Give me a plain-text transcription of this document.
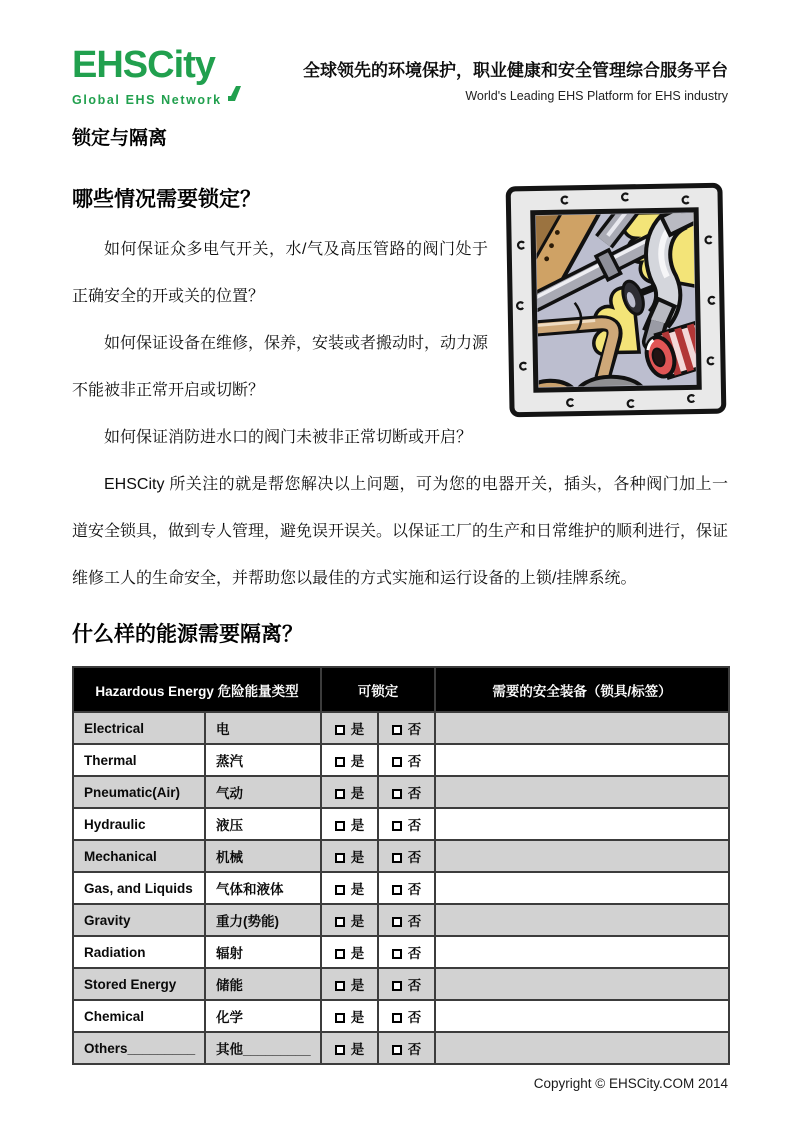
EHSCity
Global EHS Network
全球领先的环境保护，职业健康和安全管理综合服务平台
World's Leading EHS Platform for EHS industry
锁定与隔离
哪些情况需要锁定？

如何保证众多电气开关，水/气及高压管路的阀门处于正确安全的开或关的位置？

如何保证设备在维修，保养，安装或者搬动时，动力源不能被非正常开启或切断？

如何保证消防进水口的阀门未被非正常切断或开启？

EHSCity 所关注的就是帮您解决以上问题，可为您的电器开关，插头，各种阀门加上一道安全锁具，做到专人管理，避免误开误关。以保证工厂的生产和日常维护的顺利进行，保证维修工人的生命安全，并帮助您以最佳的方式实施和运行设备的上锁/挂牌系统。

什么样的能源需要隔离？
Hazardous Energy 危险能量类型		可锁定		需要的安全装备（锁具/标签）
Electrical	电	是	否	
Thermal	蒸汽	是	否	
Pneumatic(Air)	气动	是	否	
Hydraulic	液压	是	否	
Mechanical	机械	是	否	
Gas, and Liquids	气体和液体	是	否	
Gravity	重力(势能)	是	否	
Radiation	辐射	是	否	
Stored Energy	储能	是	否	
Chemical	化学	是	否	
Others_________	其他_________	是	否	
Copyright © EHSCity.COM 2014
